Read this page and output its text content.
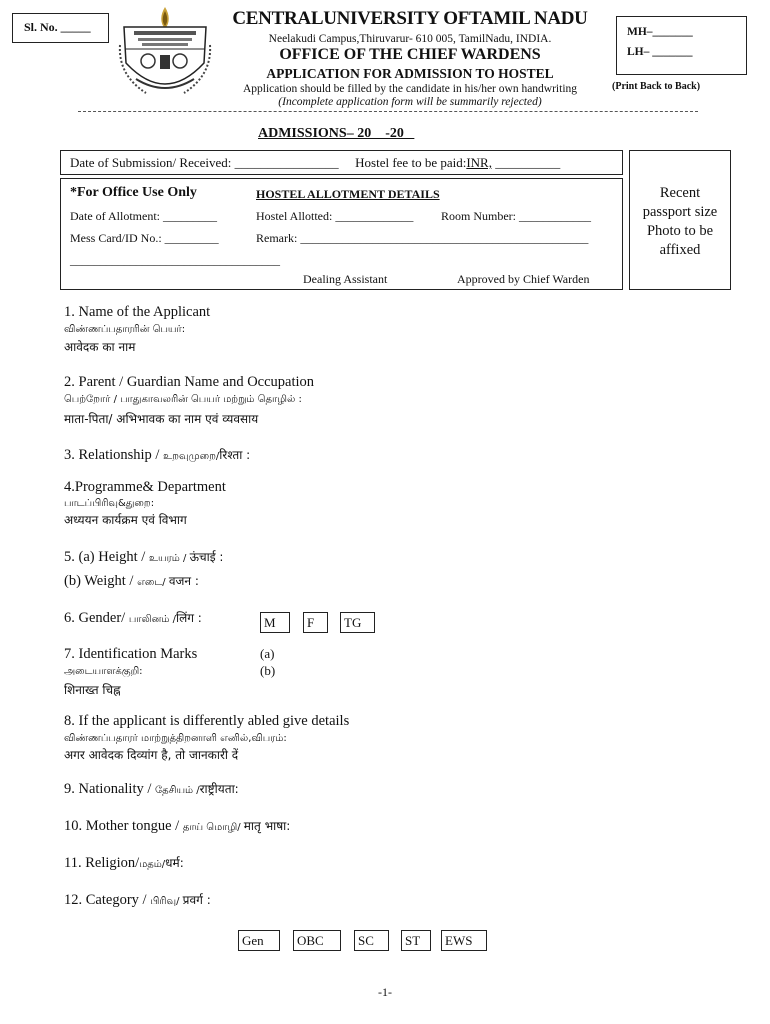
Sl. No. _____	CENTRALUNIVERSITY OFTAMIL NADU
Neelakudi Campus,Thiruvarur- 610 005, TamilNadu, INDIA.
OFFICE OF THE CHIEF WARDENS
APPLICATION FOR ADMISSION TO HOSTEL
Application should be filled by the candidate in his/her own handwriting
(Incomplete application form will be summarily rejected)
MH–_______
LH– _______
(Print Back to Back)
ADMISSIONS– 20    -20
Date of Submission/ Received: ________________ Hostel fee to be paid:INR, __________
*For Office Use Only	HOSTEL ALLOTMENT DETAILS
Date of Allotment: _________	Hostel Allotted: _____________ Room Number: ____________
Mess Card/ID No.: _________	Remark: ________________________________________________
___________________________________
Dealing Assistant	Approved by Chief Warden
Recent
passport size
Photo to be
affixed
1. Name of the Applicant
விண்ணப்பதாரரின் பெயர்:
आवेदक का नाम
2. Parent / Guardian Name and Occupation
பெற்றோர் / பாதுகாவலரின் பெயர் மற்றும் தொழில் :
माता-पिता/ अभिभावक का नाम एवं व्यवसाय
3. Relationship / உறவுமுறை/रिश्ता :
4.Programme& Department
பாடப்பிரிவு&துறை:
अध्ययन कार्यक्रम एवं विभाग
5. (a) Height / உயரம் / ऊंचाई :
(b) Weight / எடை/ वजन :
6. Gender/ பாலினம் /लिंग :	M	F	TG
7. Identification Marks	(a)
(b)
அடையாளக்குறி:
शिनाख्त चिह्न
8. If the applicant is differently abled give details
விண்ணப்பதாரர் மாற்றுத்திறனாளி எனில்,விபரம்:
अगर आवेदक दिव्यांग है, तो जानकारी दें
9. Nationality / தேசியம் /राष्ट्रीयता:
10. Mother tongue / தாய் மொழி/ मातृ भाषा:
11. Religion/மதம்/धर्म:
12. Category / பிரிவு/ प्रवर्ग :
Gen	OBC	SC	ST	EWS
-1-
